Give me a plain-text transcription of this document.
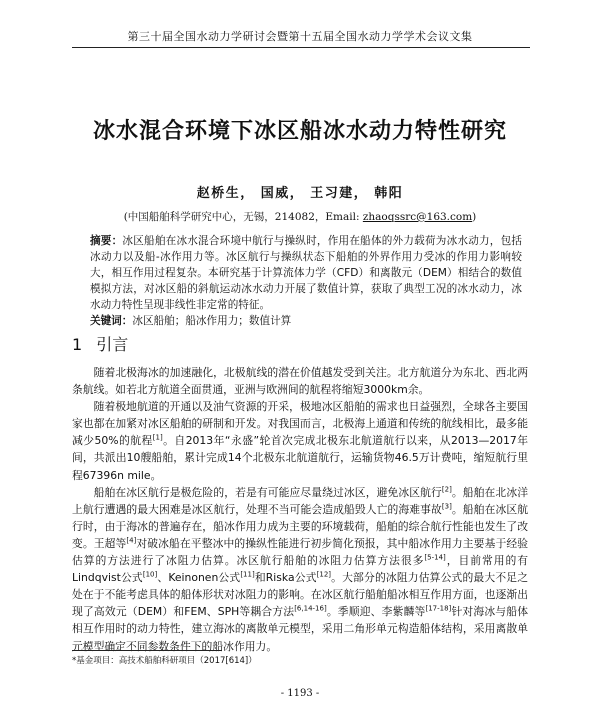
第三十届全国水动力学研讨会暨第十五届全国水动力学学术会议文集
冰水混合环境下冰区船冰水动力特性研究
赵桥生， 国威， 王习建， 韩阳
(中国船舶科学研究中心，无锡，214082，Email: zhaoqssrc@163.com)
摘要：冰区船舶在冰水混合环境中航行与操纵时，作用在船体的外力载荷为冰水动力，包括冰动力以及船-冰作用力等。冰区航行与操纵状态下船舶的外界作用力受冰的作用力影响较大，相互作用过程复杂。本研究基于计算流体力学（CFD）和离散元（DEM）相结合的数值模拟方法，对冰区船的斜航运动冰水动力开展了数值计算，获取了典型工况的冰水动力，冰水动力特性呈现非线性非定常的特征。
关键词：冰区船舶；船冰作用力；数值计算
1 引言

随着北极海冰的加速融化，北极航线的潜在价值越发受到关注。北方航道分为东北、西北两条航线。如若北方航道全面贯通，亚洲与欧洲间的航程将缩短3000km余。

随着极地航道的开通以及油气资源的开采，极地冰区船舶的需求也日益强烈，全球各主要国家也都在加紧对冰区船舶的研制和开发。对我国而言，北极海上通道和传统的航线相比，最多能减少50%的航程[1]。自2013年“永盛”轮首次完成北极东北航道航行以来，从2013—2017年间，共派出10艘船舶，累计完成14个北极东北航道航行，运输货物46.5万计费吨，缩短航行里程67396n mile。

船舶在冰区航行是极危险的，若是有可能应尽量绕过冰区，避免冰区航行[2]。船舶在北冰洋上航行遭遇的最大困难是冰区航行，处理不当可能会造成船毁人亡的海难事故[3]。船舶在冰区航行时，由于海冰的普遍存在，船冰作用力成为主要的环境载荷，船舶的综合航行性能也发生了改变。王超等[4]对破冰船在平整冰中的操纵性能进行初步简化预报，其中船冰作用力主要基于经验估算的方法进行了冰阻力估算。冰区航行船舶的冰阻力估算方法很多[5-14]，目前常用的有Lindqvist公式[10]、Keinonen公式[11]和Riska公式[12]。大部分的冰阻力估算公式的最大不足之处在于不能考虑具体的船体形状对冰阻力的影响。在冰区航行船舶船冰相互作用方面，也逐渐出现了高效元（DEM）和FEM、SPH等耦合方法[6,14-16]。季顺迎、李紫麟等[17-18]针对海冰与船体相互作用时的动力特性，建立海冰的离散单元模型，采用二角形单元构造船体结构，采用离散单元模型确定不同参数条件下的船冰作用力。

*基金项目：高技术船舶科研项目（2017[614]）
- 1193 -
